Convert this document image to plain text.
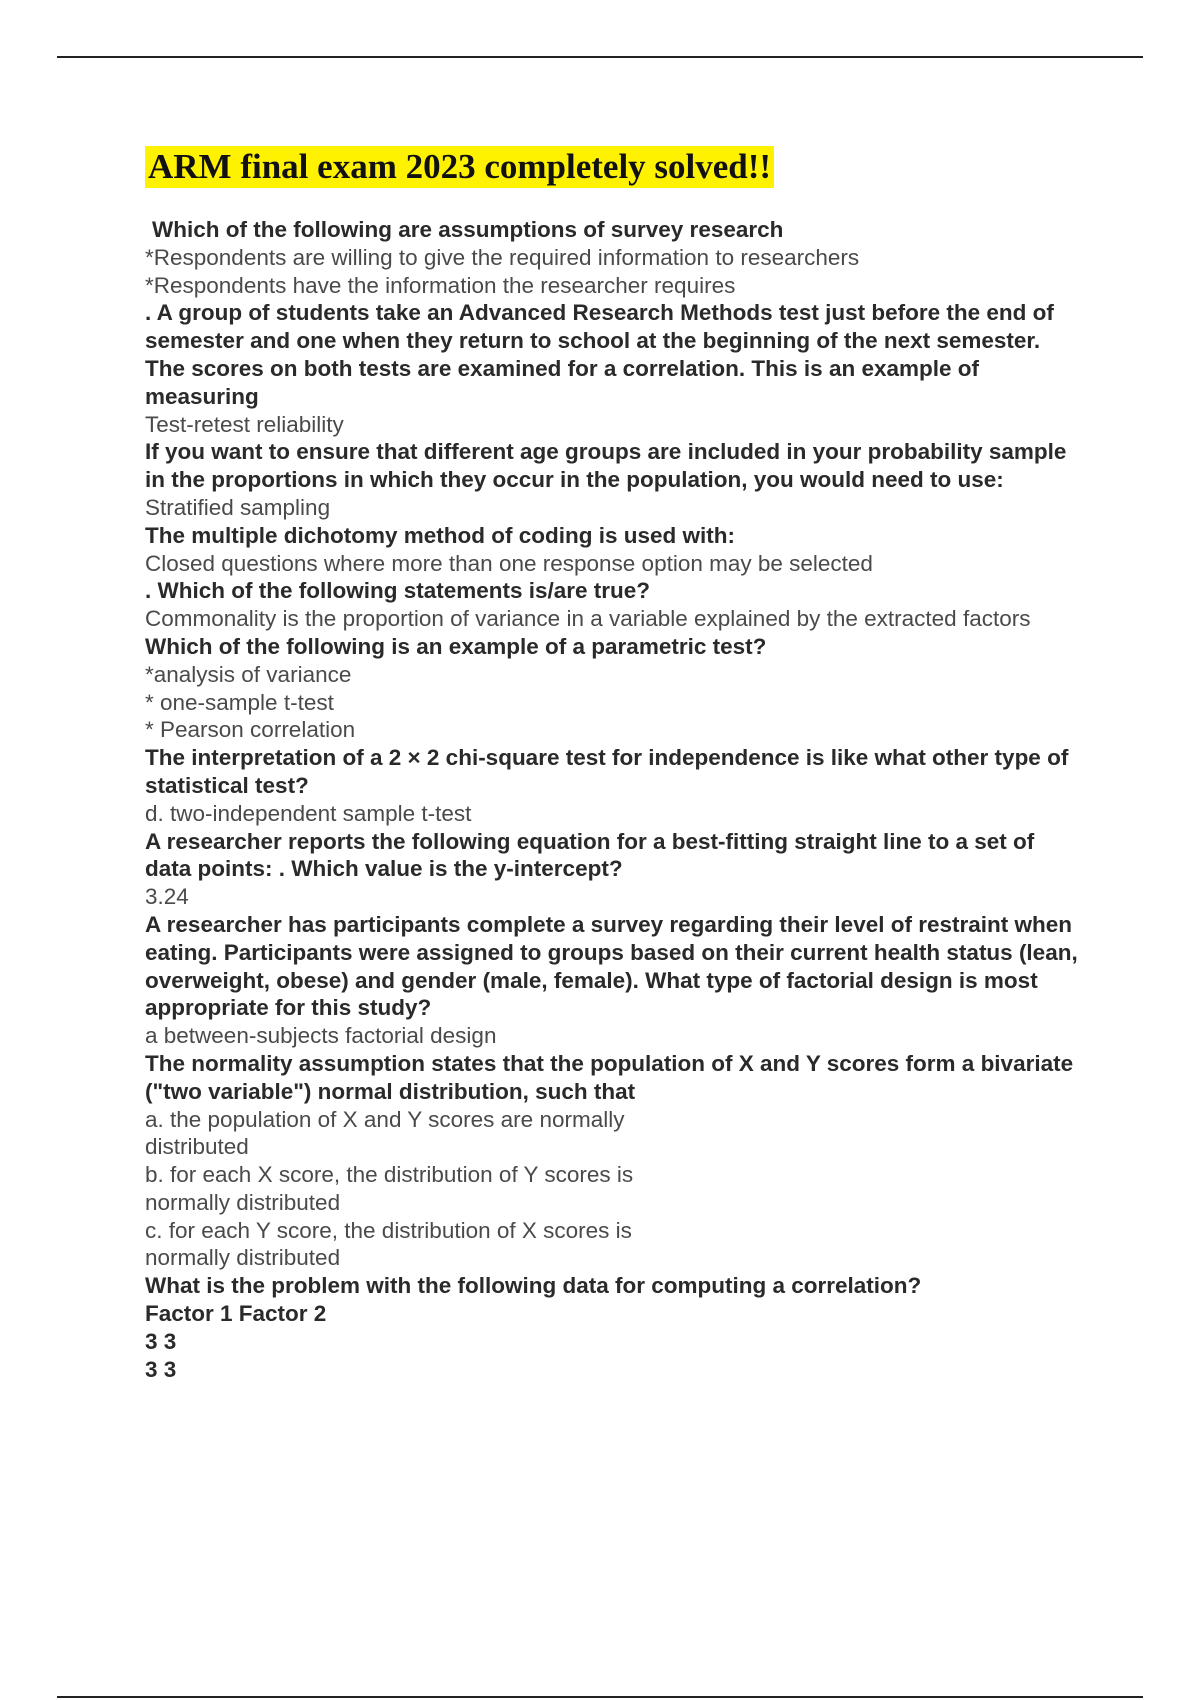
ARM final exam 2023 completely solved!!
Which of the following are assumptions of survey research
*Respondents are willing to give the required information to researchers
*Respondents have the information the researcher requires
. A group of students take an Advanced Research Methods test just before the end of semester and one when they return to school at the beginning of the next semester. The scores on both tests are examined for a correlation. This is an example of measuring
Test-retest reliability
If you want to ensure that different age groups are included in your probability sample in the proportions in which they occur in the population, you would need to use:
Stratified sampling
The multiple dichotomy method of coding is used with:
Closed questions where more than one response option may be selected
. Which of the following statements is/are true?
Commonality is the proportion of variance in a variable explained by the extracted factors
Which of the following is an example of a parametric test?
*analysis of variance
* one-sample t-test
* Pearson correlation
The interpretation of a 2 × 2 chi-square test for independence is like what other type of statistical test?
d. two-independent sample t-test
A researcher reports the following equation for a best-fitting straight line to a set of data points: . Which value is the y-intercept?
3.24
A researcher has participants complete a survey regarding their level of restraint when eating. Participants were assigned to groups based on their current health status (lean, overweight, obese) and gender (male, female). What type of factorial design is most appropriate for this study?
a between-subjects factorial design
The normality assumption states that the population of X and Y scores form a bivariate ("two variable") normal distribution, such that
a. the population of X and Y scores are normally distributed
b. for each X score, the distribution of Y scores is normally distributed
c. for each Y score, the distribution of X scores is normally distributed
What is the problem with the following data for computing a correlation?
Factor 1 Factor 2
3 3
3 3
